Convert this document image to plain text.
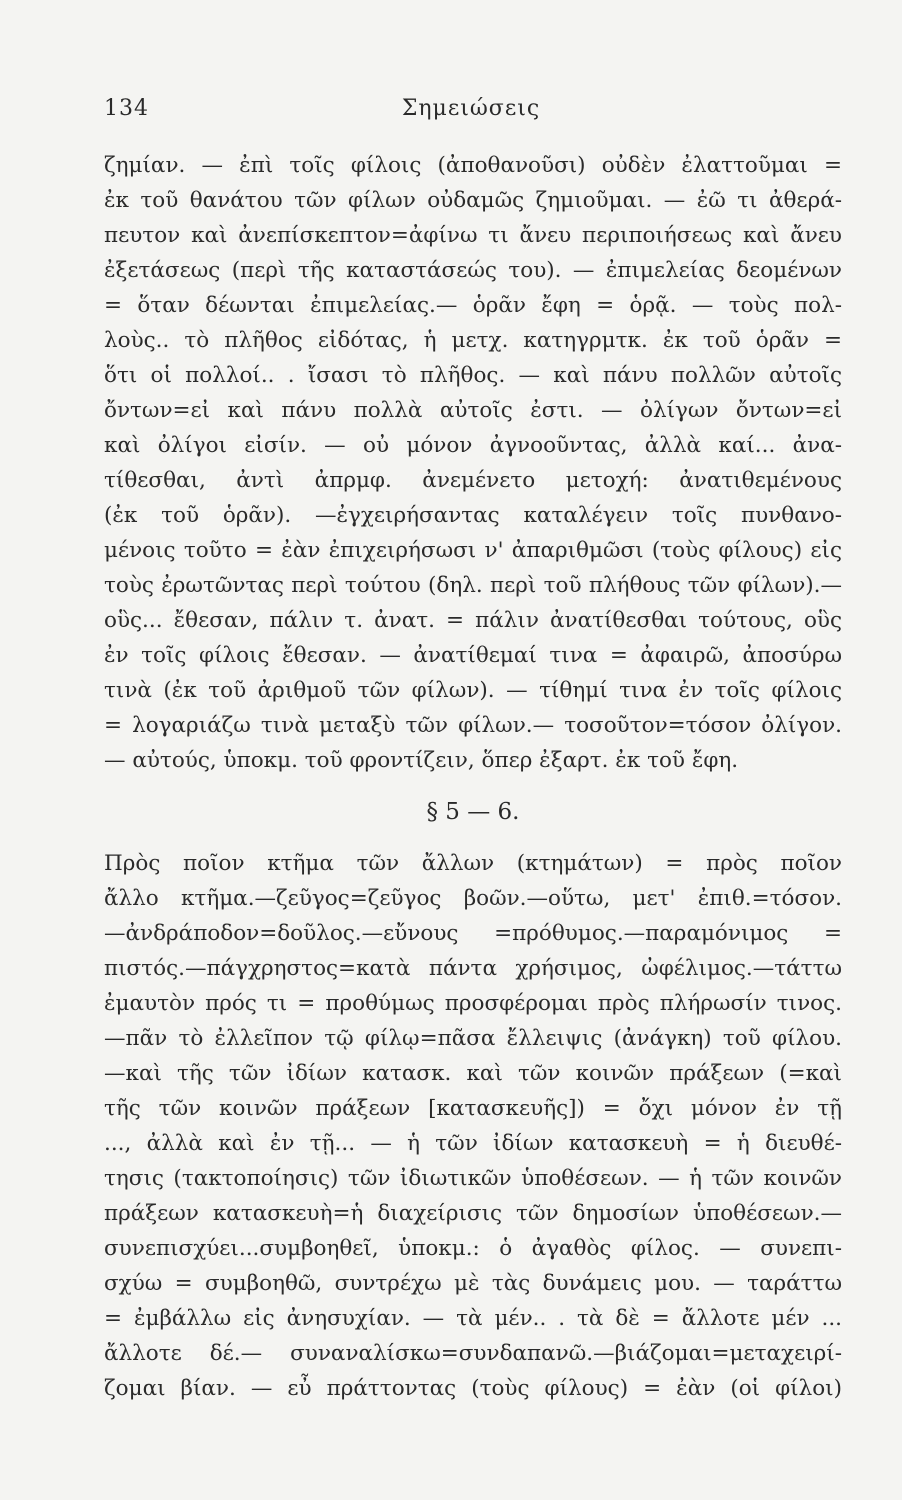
134	Σημειώσεις
ζημίαν. — ἐπὶ τοῖς φίλοις (ἀποθανοῦσι) οὐδὲν ἐλαττοῦμαι =
ἐκ τοῦ θανάτου τῶν φίλων οὐδαμῶς ζημιοῦμαι. — ἐῶ τι ἀθερά-
πευτον καὶ ἀνεπίσκεπτον=ἀφίνω τι ἄνευ περιποιήσεως καὶ ἄνευ
ἐξετάσεως (περὶ τῆς καταστάσεώς του). — ἐπιμελείας δεομένων
= ὅταν δέωνται ἐπιμελείας.— ὁρᾶν ἔφη = ὁρᾷ. — τοὺς πολ-
λοὺς.. τὸ πλῆθος εἰδότας, ἡ μετχ. κατηγρμτκ. ἐκ τοῦ ὁρᾶν =
ὅτι οἱ πολλοί.. . ἴσασι τὸ πλῆθος. — καὶ πάνυ πολλῶν αὐτοῖς
ὄντων=εἰ καὶ πάνυ πολλὰ αὐτοῖς ἐστι. — ὀλίγων ὄντων=εἰ
καὶ ὀλίγοι εἰσίν. — οὐ μόνον ἀγνοοῦντας, ἀλλὰ καί... ἀνα-
τίθεσθαι, ἀντὶ ἀπρμφ. ἀνεμένετο μετοχή: ἀνατιθεμένους
(ἐκ τοῦ ὁρᾶν). —ἐγχειρήσαντας καταλέγειν τοῖς πυνθανο-
μένοις τοῦτο = ἐὰν ἐπιχειρήσωσι ν' ἀπαριθμῶσι (τοὺς φίλους) εἰς
τοὺς ἐρωτῶντας περὶ τούτου (δηλ. περὶ τοῦ πλήθους τῶν φίλων).—
οὓς... ἔθεσαν, πάλιν τ. ἀνατ. = πάλιν ἀνατίθεσθαι τούτους, οὓς
ἐν τοῖς φίλοις ἔθεσαν. — ἀνατίθεμαί τινα = ἀφαιρῶ, ἀποσύρω
τινὰ (ἐκ τοῦ ἀριθμοῦ τῶν φίλων). — τίθημί τινα ἐν τοῖς φίλοις
= λογαριάζω τινὰ μεταξὺ τῶν φίλων.— τοσοῦτον=τόσον ὀλίγον.
— αὐτούς, ὑποκμ. τοῦ φροντίζειν, ὅπερ ἐξαρτ. ἐκ τοῦ ἔφη.
§ 5 — 6.
Πρὸς ποῖον κτῆμα τῶν ἄλλων (κτημάτων) = πρὸς ποῖον
ἄλλο κτῆμα.—ζεῦγος=ζεῦγος βοῶν.—οὕτω, μετ' ἐπιθ.=τόσον.
—ἀνδράποδον=δοῦλος.—εὔνους =πρόθυμος.—παραμόνιμος =
πιστός.—πάγχρηστος=κατὰ πάντα χρήσιμος, ὠφέλιμος.—τάττω
ἐμαυτὸν πρός τι = προθύμως προσφέρομαι πρὸς πλήρωσίν τινος.
—πᾶν τὸ ἐλλεῖπον τῷ φίλῳ=πᾶσα ἔλλειψις (ἀνάγκη) τοῦ φίλου.
—καὶ τῆς τῶν ἰδίων κατασκ. καὶ τῶν κοινῶν πράξεων (=καὶ
τῆς τῶν κοινῶν πράξεων [κατασκευῆς]) = ὄχι μόνον ἐν τῇ
..., ἀλλὰ καὶ ἐν τῇ... — ἡ τῶν ἰδίων κατασκευὴ = ἡ διευθέ-
τησις (τακτοποίησις) τῶν ἰδιωτικῶν ὑποθέσεων. — ἡ τῶν κοινῶν
πράξεων κατασκευὴ=ἡ διαχείρισις τῶν δημοσίων ὑποθέσεων.—
συνεπισχύει...συμβοηθεῖ, ὑποκμ.: ὁ ἀγαθὸς φίλος. — συνεπι-
σχύω = συμβοηθῶ, συντρέχω μὲ τὰς δυνάμεις μου. — ταράττω
= ἐμβάλλω εἰς ἀνησυχίαν. — τὰ μέν.. . τὰ δὲ = ἄλλοτε μέν ...
ἄλλοτε δέ.— συναναλίσκω=συνδαπανῶ.—βιάζομαι=μεταχειρί-
ζομαι βίαν. — εὖ πράττοντας (τοὺς φίλους) = ἐὰν (οἱ φίλοι)
